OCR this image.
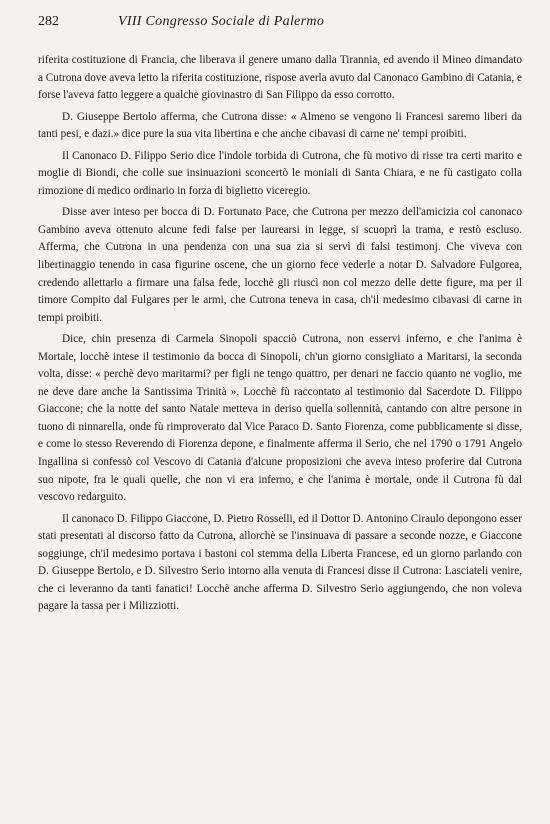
282	VIII Congresso Sociale di Palermo

riferita costituzione di Francia, che liberava il genere umano dalla Tirannia, ed avendo il Mineo dimandato a Cutrona dove aveva letto la riferita costituzione, rispose averla avuto dal Canonaco Gambino di Catania, e forse l'aveva fatto leggere a qualche giovinastro di San Filippo da esso corrotto.

D. Giuseppe Bertolo afferma, che Cutrona disse: « Almeno se vengono li Francesi saremo liberi da tanti pesi, e dazi.» dice pure la sua vita libertina e che anche cibavasi di carne ne' tempi proibiti.

Il Canonaco D. Filippo Serio dice l'indole torbida di Cutrona, che fù motivo di risse tra certi marito e moglie di Biondi, che colle sue insinuazioni sconcertò le moniali di Santa Chiara, e ne fù castigato colla rimozione di medico ordinario in forza di biglietto viceregio.

Disse aver inteso per bocca di D. Fortunato Pace, che Cutrona per mezzo dell'amicizia col canonaco Gambino aveva ottenuto alcune fedi false per laurearsi in legge, si scuoprì la trama, e restò escluso. Afferma, che Cutrona in una pendenza con una sua zia si servì di falsi testimonj. Che viveva con libertinaggio tenendo in casa figurine oscene, che un giorno fece vederle a notar D. Salvadore Fulgorea, credendo allettarlo a firmare una falsa fede, locchè gli riuscì non col mezzo delle dette figure, ma per il timore Compito dal Fulgares per le armi, che Cutrona teneva in casa, ch'il medesimo cibavasi di carne in tempi proibiti.

Dice, chin presenza di Carmela Sinopoli spacciò Cutrona, non esservi inferno, e che l'anima è Mortale, locchè intese il testimonio da bocca di Sinopoli, ch'un giorno consigliato a Maritarsi, la seconda volta, disse: « perchè devo maritarmi? per figli ne tengo quattro, per denari ne faccio quanto ne voglio, me ne deve dare anche la Santissima Trinità ». Locchè fù raccontato al testimonio dal Sacerdote D. Filippo Giaccone; che la notte del santo Natale metteva in deriso quella sollennità, cantando con altre persone in tuono di ninnarella, onde fù rimproverato dal Vice Paraco D. Santo Fiorenza, come pubblicamente si disse, e come lo stesso Reverendo di Fiorenza depone, e finalmente afferma il Serio, che nel 1790 o 1791 Angelo Ingallina si confessò col Vescovo di Catania d'alcune proposizioni che aveva inteso proferire dal Cutrona suo nipote, fra le quali quelle, che non vi era inferno, e che l'anima è mortale, onde il Cutrona fù dal vescovo redarguito.

Il canonaco D. Filippo Giaccone, D. Pietro Rosselli, ed il Dottor D. Antonino Ciraulo depongono esser stati presentati al discorso fatto da Cutrona, allorchè se l'insinuava di passare a seconde nozze, e Giaccone soggiunge, ch'il medesimo portava i bastoni col stemma della Liberta Francese, ed un giorno parlando con D. Giuseppe Bertolo, e D. Silvestro Serio intorno alla venuta di Francesi disse il Cutrona: Lasciateli venire, che ci leveranno da tanti fanatici! Locchè anche afferma D. Silvestro Serio aggiungendo, che non voleva pagare la tassa per i Milizziotti.
